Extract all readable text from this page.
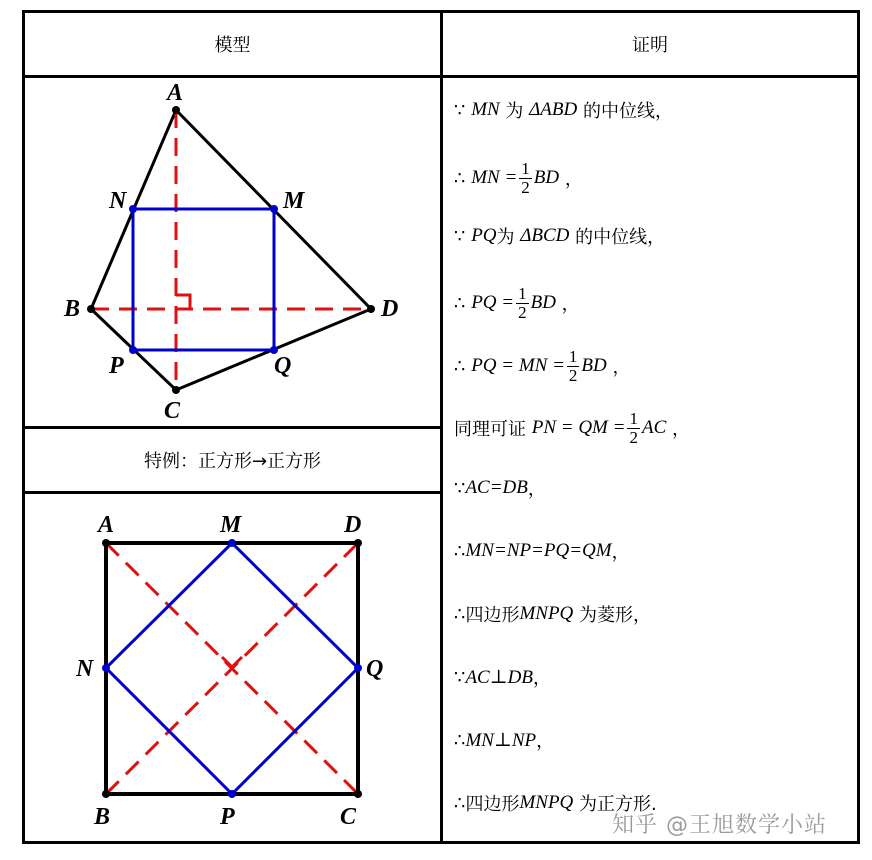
模型	证明
特例：正方形→正方形
A
N	M
B	D
P	Q
C
A	M	D
N	Q
B	P	C
∵
MN
为
ΔABD
的中位线，
∴
MN = $\frac{1}{2}$ BD
，
∵
PQ 为
ΔBCD
的中位线，
∴
PQ = $\frac{1}{2}$ BD
，
∴
PQ = MN = $\frac{1}{2}$ BD
，
同理可证
PN = QM = $\frac{1}{2}$ AC
，
∵ AC=DB ，
∴ MN=NP=PQ=QM ，
∴ 四边形 MNPQ
为菱形，
∵ AC⊥DB ，
∴ MN⊥NP ，
∴ 四边形 MNPQ
为正方形.
知乎 @王旭数学小站
